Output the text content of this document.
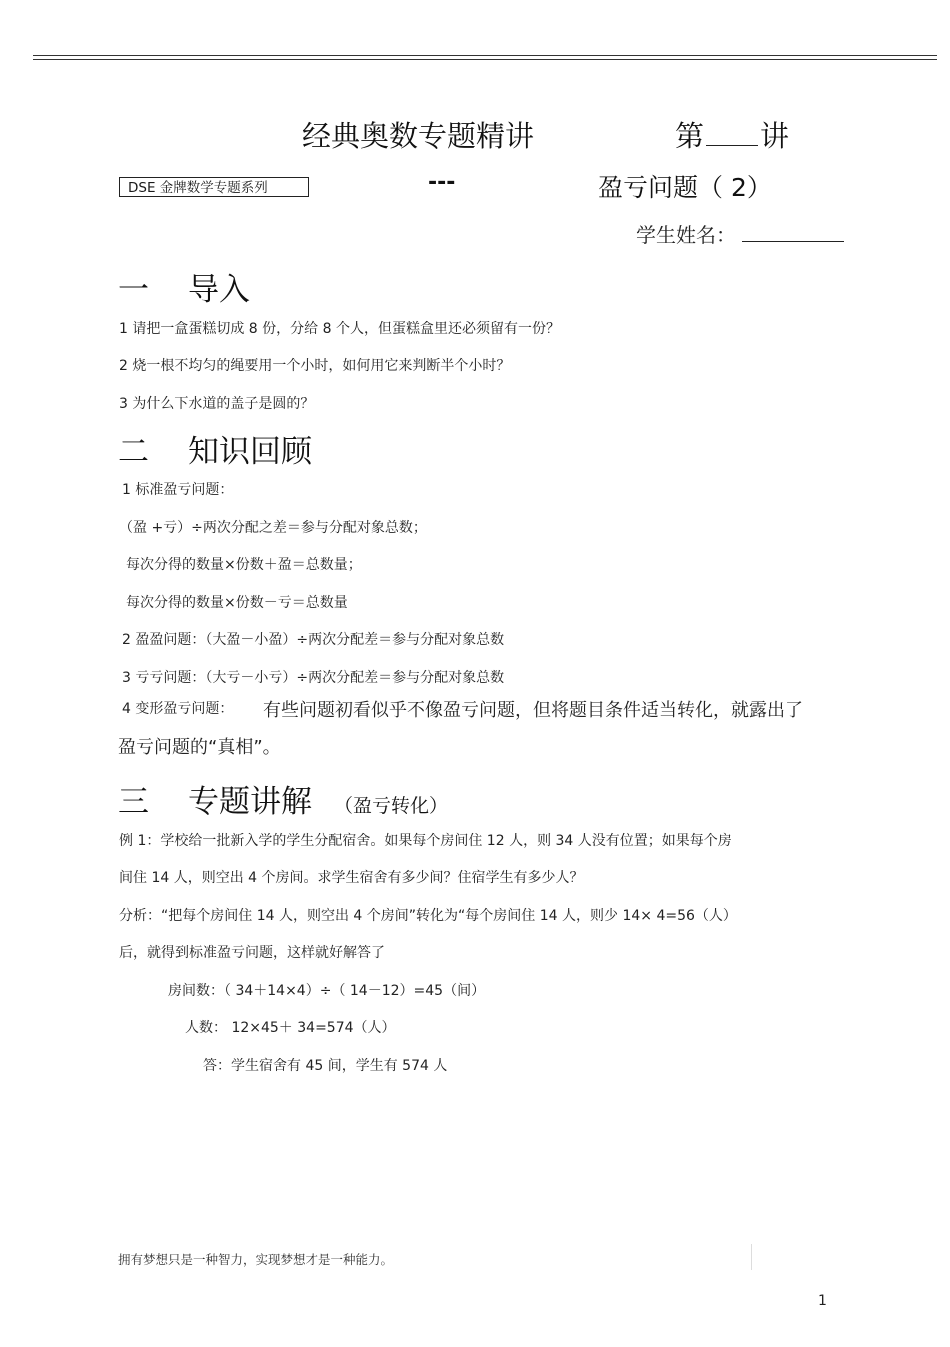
经典奥数专题精讲	第 讲
DSE 金牌数学专题系列	---	盈亏问题（ 2）
学生姓名：
一 导入
1 请把一盒蛋糕切成 8 份，分给 8 个人，但蛋糕盒里还必须留有一份？
2 烧一根不均匀的绳要用一个小时，如何用它来判断半个小时？
3 为什么下水道的盖子是圆的？
二 知识回顾
1 标准盈亏问题：
（盈 +亏）÷两次分配之差＝参与分配对象总数；
每次分得的数量×份数＋盈＝总数量；
每次分得的数量×份数－亏＝总数量
2 盈盈问题：（大盈－小盈）÷两次分配差＝参与分配对象总数
3 亏亏问题：（大亏－小亏）÷两次分配差＝参与分配对象总数
4 变形盈亏问题： 有些问题初看似乎不像盈亏问题，但将题目条件适当转化，就露出了
盈亏问题的“真相”。
三 专题讲解 （盈亏转化）
例 1：学校给一批新入学的学生分配宿舍。如果每个房间住 12 人，则 34 人没有位置；如果每个房
间住 14 人，则空出 4 个房间。求学生宿舍有多少间？住宿学生有多少人？
分析：“把每个房间住 14 人，则空出 4 个房间”转化为“每个房间住 14 人，则少 14× 4=56（人）
后，就得到标准盈亏问题，这样就好解答了
房间数：（ 34＋14×4）÷（ 14－12）=45（间）
人数： 12×45＋ 34=574（人）
答：学生宿舍有 45 间，学生有 574 人
拥有梦想只是一种智力，实现梦想才是一种能力。
1
